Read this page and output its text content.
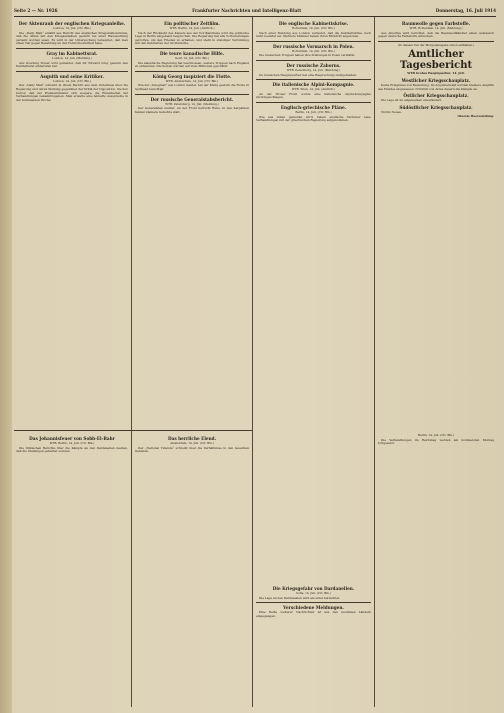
Seite 2 — Nr. 1926	Frankfurter Nachrichten und Intelligenz-Blatt	Donnerstag, 16. Juli 1914
Der Aktenraub der englischen Kriegsanleihe.
London, 14. Juli. (Ctr. Bln.)

Die „Daily Mail“ erzählt aus Bericht des englischen Kriegsministeriums, daß die Akten mit den Kriegsanleihen gestern bei einer Haussuchung geraubt worden seien. Es wird in der Untersuchung behauptet, daß man einen Teil gegen Bezahlung an den Feind übermittelt habe.

Gray im Kabinettsrat.
London, 14. Juli. (Meldung.)

Aus Downing Street wird gemeldet, daß Sir Edward Grey gestern den Kabinettsrat einberufen hat.

Asquith und seine Kritiker.
London, 14. Juli. (Ctr. Bln.)

Der „Daily Mail“ schreibt in ihrem Bericht aus dem Unterhaus über die Regierung und deren Stellung gegenüber der Kritik der Opposition. Sie hob hervor, daß der Premierminister sich weigere, die Einzelheiten der Verhandlungen bekanntzugeben. Man erwarte eine lebhafte Aussprache in der kommenden Woche.

Ein politischer Zeitfilm.
WTB. Berlin, 14. Juli. (Amtlich.)

Nach der Rückkehr des Kaisers aus der Nordlandreise wird die politische Lage in Berlin eingehend besprochen. Die Regierung hat alle Vorbereitungen getroffen, um den Frieden zu erhalten, und steht in ständiger Verbindung mit den Kabinetten der Großmächte.

Die teure kanadische Hilfe.
Genf, 14. Juli. (Ctr. Bln.)

Die kanadische Regierung hat beschlossen, weitere Truppen nach England zu entsenden. Die Kosten werden auf viele Millionen geschätzt.

König Georg inspiziert die Flotte.
WTB. Amsterdam, 14. Juli. (Ctr. Bln.)

Wie der „Telegraaf“ aus London meldet, hat der König gestern die Flotte in Spithead besichtigt.

Der russische Generalstabsbericht.
WTB. Petersburg, 14. Juli. (Meldung.)

Der Generalstab meldet: An der Front herrscht Ruhe. In den Karpathen fanden kleinere Gefechte statt.

Die englische Kabinettskrise.
Rotterdam, 14. Juli. (Ctr. Bln.)

Nach einer Meldung aus London verlautet, daß die Kabinettskrise noch nicht beendet sei. Mehrere Minister haben ihren Rücktritt angeboten.

Der russische Vormarsch in Polen.
Rotterdam, 14. Juli. (Ctr. Bln.)

Die russischen Truppen haben ihre Stellungen in Polen verstärkt.

Der russische Zaborns.
WTB. Petersburg, 14. Juli. (Meldung.)

Im russischen Hauptquartier hat eine Besprechung stattgefunden.

Die italienische Alpini-Kompagnie.
WTB. Wien, 14. Juli. (Amtlich.)

An der Tiroler Front wurde eine italienische Alpini-Kompagnie zurückgeschlagen.

Englisch-griechische Pläne.
Berlin, 14. Juli. (Ctr. Bln.)

Wie aus Athen gemeldet wird, haben englische Vertreter neue Verhandlungen mit der griechischen Regierung aufgenommen.

Baumwolle gegen Farbstoffe.
WTB. Rotterdam, 14. Juli. (Meldung.)

Aus Amerika wird berichtet, daß die Baumwollhändler einen Austausch gegen deutsche Farbstoffe wünschen.

(In diesem Teil der Morgenausgabe schon enthalten.)
Amtlicher Tagesbericht
WTB Großes Hauptquartier, 14. Juli.
Westlicher Kriegsschauplatz.

Keine Ereignisse von Bedeutung. Im Argonnerwald wurden kleinere Angriffe des Feindes abgewiesen. Nördlich von Arras dauern die Kämpfe an.

Östlicher Kriegsschauplatz.

Die Lage ist im allgemeinen unverändert.

Südöstlicher Kriegsschauplatz.

Nichts Neues.

Oberste Heeresleitung.
Das Johannisfeuer von Sobb-El-Bahr
WTB. Berlin, 14. Juli. (Ctr. Bln.)

Die türkischen Berichte über die Kämpfe an den Dardanellen melden, daß die Stellungen gehalten wurden.

Das herrliche Elend.
Amsterdam, 14. Juli. (Ctr. Bln.)

Der „National Tidende“ schreibt über die Verhältnisse in den besetzten Gebieten.

Die Kriegsgefahr von Dardanellen.
Sofia, 14. Juli. (Ctr. Bln.)

Die Lage an den Dardanellen wird als ernst betrachtet.

Verschiedene Meldungen.

Eine Reihe weiterer Nachrichten ist aus den neutralen Ländern eingegangen.

Berlin, 14. Juli. (Ctr. Bln.)

Die Verhandlungen im Reichstag werden am kommenden Montag fortgesetzt.
